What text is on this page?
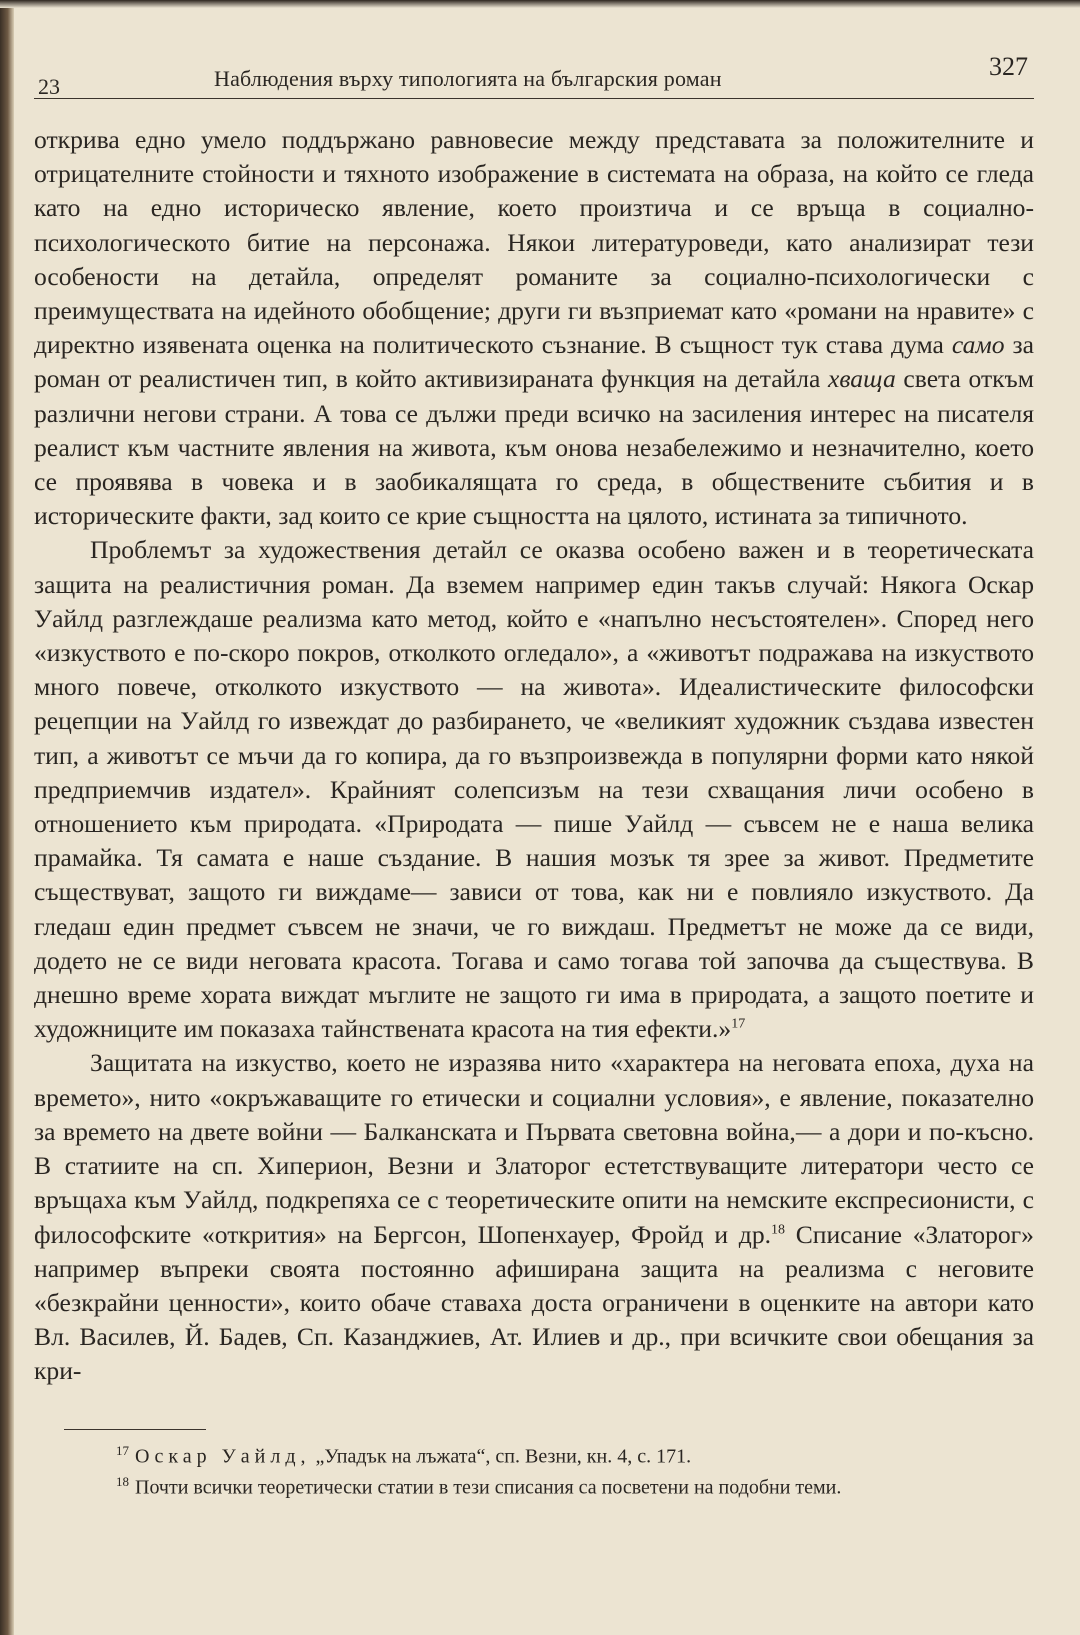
23	Наблюдения върху типологията на българския роман	327

открива едно умело поддържано равновесие между представата за положителните и отрицателните стойности и тяхното изображение в системата на образа, на който се гледа като на едно историческо явление, което произтича и се връща в социално-психологическото битие на персонажа. Някои литературоведи, като анализират тези особености на детайла, определят романите за социално-психологически с преимуществата на идейното обобщение; други ги възприемат като «романи на нравите» с директно изявената оценка на политическото съзнание. В същност тук става дума само за роман от реалистичен тип, в който активизираната функция на детайла хваща света откъм различни негови страни. А това се дължи преди всичко на засиления интерес на писателя реалист към частните явления на живота, към онова незабележимо и незначително, което се проявява в човека и в заобикалящата го среда, в обществените събития и в историческите факти, зад които се крие същността на цялото, истината за типичното.

Проблемът за художествения детайл се оказва особено важен и в теоретическата защита на реалистичния роман. Да вземем например един такъв случай: Някога Оскар Уайлд разглеждаше реализма като метод, който е «напълно несъстоятелен». Според него «изкуството е по-скоро покров, отколкото огледало», а «животът подражава на изкуството много повече, отколкото изкуството — на живота». Идеалистическите философски рецепции на Уайлд го извеждат до разбирането, че «великият художник създава известен тип, а животът се мъчи да го копира, да го възпроизвежда в популярни форми като някой предприемчив издател». Крайният солепсизъм на тези схващания личи особено в отношението към природата. «Природата — пише Уайлд — съвсем не е наша велика прамайка. Тя самата е наше създание. В нашия мозък тя зрее за живот. Предметите съществуват, защото ги виждаме— зависи от това, как ни е повлияло изкуството. Да гледаш един предмет съвсем не значи, че го виждаш. Предметът не може да се види, додето не се види неговата красота. Тогава и само тогава той започва да съществува. В днешно време хората виждат мъглите не защото ги има в природата, а защото поетите и художниците им показаха тайнствената красота на тия ефекти.»$^{17}$

Защитата на изкуство, което не изразява нито «характера на неговата епоха, духа на времето», нито «окръжаващите го етически и социални условия», е явление, показателно за времето на двете войни — Балканската и Първата световна война,— а дори и по-късно. В статиите на сп. Хиперион, Везни и Златорог естетствуващите литератори често се връщаха към Уайлд, подкрепяха се с теоретическите опити на немските експресионисти, с философските «открития» на Бергсон, Шопенхауер, Фройд и др.$^{18}$ Списание «Златорог» например въпреки своята постоянно афиширана защита на реализма с неговите «безкрайни ценности», които обаче ставаха доста ограничени в оценките на автори като Вл. Василев, Й. Бадев, Сп. Казанджиев, Ат. Илиев и др., при всичките свои обещания за кри-

$^{17}$ Оскар Уайлд, „Упадък на лъжата“, сп. Везни, кн. 4, с. 171.
$^{18}$ Почти всички теоретически статии в тези списания са посветени на подобни теми.
